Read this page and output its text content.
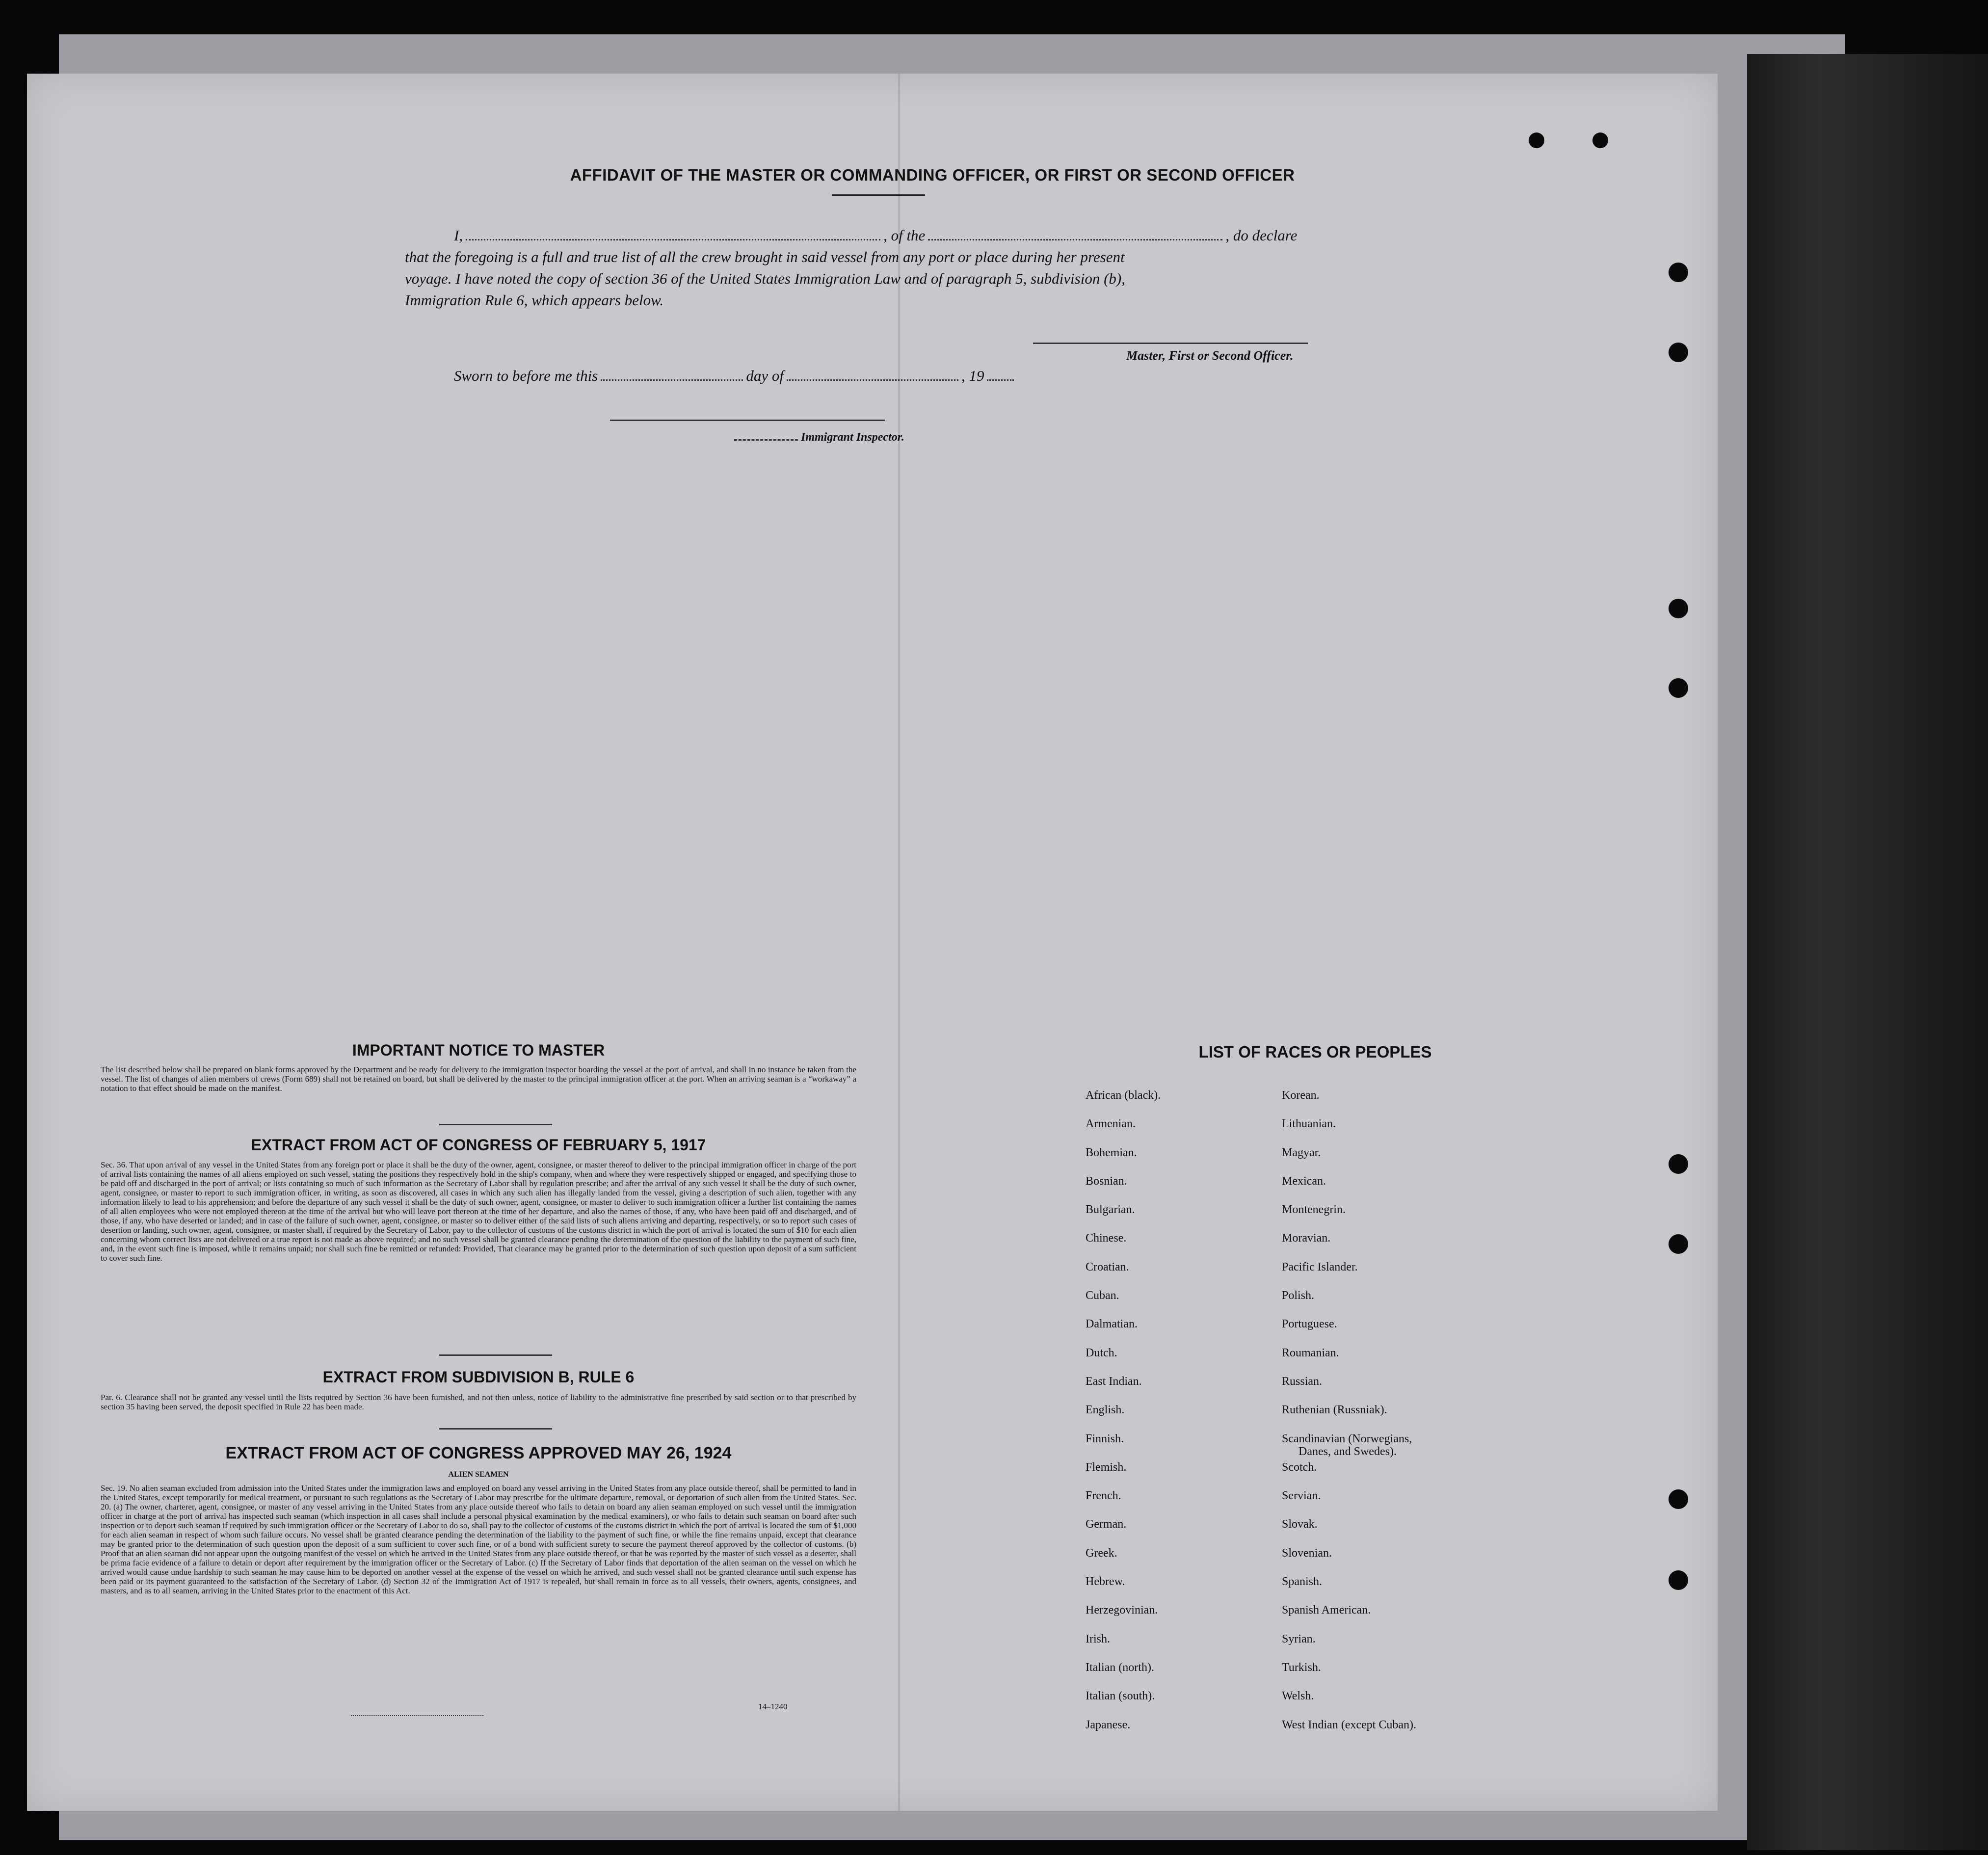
AFFIDAVIT OF THE MASTER OR COMMANDING OFFICER, OR FIRST OR SECOND OFFICER
I,	, of the	, do declare
that the foregoing is a full and true list of all the crew brought in said vessel from any port or place during her present
voyage. I have noted the copy of section 36 of the United States Immigration Law and of paragraph 5, subdivision (b),
Immigration Rule 6, which appears below.
Master, First or Second Officer.
Sworn to before me this	day of	, 19
Immigrant Inspector.
IMPORTANT NOTICE TO MASTER
The list described below shall be prepared on blank forms approved by the Department and be ready for delivery to the immigration inspector boarding the vessel at the port of arrival, and shall in no instance be taken from the vessel. The list of changes of alien members of crews (Form 689) shall not be retained on board, but shall be delivered by the master to the principal immigration officer at the port. When an arriving seaman is a “workaway” a notation to that effect should be made on the manifest.
EXTRACT FROM ACT OF CONGRESS OF FEBRUARY 5, 1917
Sec. 36. That upon arrival of any vessel in the United States from any foreign port or place it shall be the duty of the owner, agent, consignee, or master thereof to deliver to the principal immigration officer in charge of the port of arrival lists containing the names of all aliens employed on such vessel, stating the positions they respectively hold in the ship's company, when and where they were respectively shipped or engaged, and specifying those to be paid off and discharged in the port of arrival; or lists containing so much of such information as the Secretary of Labor shall by regulation prescribe; and after the arrival of any such vessel it shall be the duty of such owner, agent, consignee, or master to report to such immigration officer, in writing, as soon as discovered, all cases in which any such alien has illegally landed from the vessel, giving a description of such alien, together with any information likely to lead to his apprehension; and before the departure of any such vessel it shall be the duty of such owner, agent, consignee, or master to deliver to such immigration officer a further list containing the names of all alien employees who were not employed thereon at the time of the arrival but who will leave port thereon at the time of her departure, and also the names of those, if any, who have been paid off and discharged, and of those, if any, who have deserted or landed; and in case of the failure of such owner, agent, consignee, or master so to deliver either of the said lists of such aliens arriving and departing, respectively, or so to report such cases of desertion or landing, such owner, agent, consignee, or master shall, if required by the Secretary of Labor, pay to the collector of customs of the customs district in which the port of arrival is located the sum of $10 for each alien concerning whom correct lists are not delivered or a true report is not made as above required; and no such vessel shall be granted clearance pending the determination of the question of the liability to the payment of such fine, and, in the event such fine is imposed, while it remains unpaid; nor shall such fine be remitted or refunded: Provided, That clearance may be granted prior to the determination of such question upon deposit of a sum sufficient to cover such fine.
EXTRACT FROM SUBDIVISION B, RULE 6
Par. 6. Clearance shall not be granted any vessel until the lists required by Section 36 have been furnished, and not then unless, notice of liability to the administrative fine prescribed by said section or to that prescribed by section 35 having been served, the deposit specified in Rule 22 has been made.
EXTRACT FROM ACT OF CONGRESS APPROVED MAY 26, 1924
ALIEN SEAMEN
Sec. 19. No alien seaman excluded from admission into the United States under the immigration laws and employed on board any vessel arriving in the United States from any place outside thereof, shall be permitted to land in the United States, except temporarily for medical treatment, or pursuant to such regulations as the Secretary of Labor may prescribe for the ultimate departure, removal, or deportation of such alien from the United States. Sec. 20. (a) The owner, charterer, agent, consignee, or master of any vessel arriving in the United States from any place outside thereof who fails to detain on board any alien seaman employed on such vessel until the immigration officer in charge at the port of arrival has inspected such seaman (which inspection in all cases shall include a personal physical examination by the medical examiners), or who fails to detain such seaman on board after such inspection or to deport such seaman if required by such immigration officer or the Secretary of Labor to do so, shall pay to the collector of customs of the customs district in which the port of arrival is located the sum of $1,000 for each alien seaman in respect of whom such failure occurs. No vessel shall be granted clearance pending the determination of the liability to the payment of such fine, or while the fine remains unpaid, except that clearance may be granted prior to the determination of such question upon the deposit of a sum sufficient to cover such fine, or of a bond with sufficient surety to secure the payment thereof approved by the collector of customs. (b) Proof that an alien seaman did not appear upon the outgoing manifest of the vessel on which he arrived in the United States from any place outside thereof, or that he was reported by the master of such vessel as a deserter, shall be prima facie evidence of a failure to detain or deport after requirement by the immigration officer or the Secretary of Labor. (c) If the Secretary of Labor finds that deportation of the alien seaman on the vessel on which he arrived would cause undue hardship to such seaman he may cause him to be deported on another vessel at the expense of the vessel on which he arrived, and such vessel shall not be granted clearance until such expense has been paid or its payment guaranteed to the satisfaction of the Secretary of Labor. (d) Section 32 of the Immigration Act of 1917 is repealed, but shall remain in force as to all vessels, their owners, agents, consignees, and masters, and as to all seamen, arriving in the United States prior to the enactment of this Act.
14–1240
LIST OF RACES OR PEOPLES
African (black).
Armenian.
Bohemian.
Bosnian.
Bulgarian.
Chinese.
Croatian.
Cuban.
Dalmatian.
Dutch.
East Indian.
English.
Finnish.
Flemish.
French.
German.
Greek.
Hebrew.
Herzegovinian.
Irish.
Italian (north).
Italian (south).
Japanese.
Korean.
Lithuanian.
Magyar.
Mexican.
Montenegrin.
Moravian.
Pacific Islander.
Polish.
Portuguese.
Roumanian.
Russian.
Ruthenian (Russniak).
Scandinavian (Norwegians,
Danes, and Swedes).
Scotch.
Servian.
Slovak.
Slovenian.
Spanish.
Spanish American.
Syrian.
Turkish.
Welsh.
West Indian (except Cuban).
